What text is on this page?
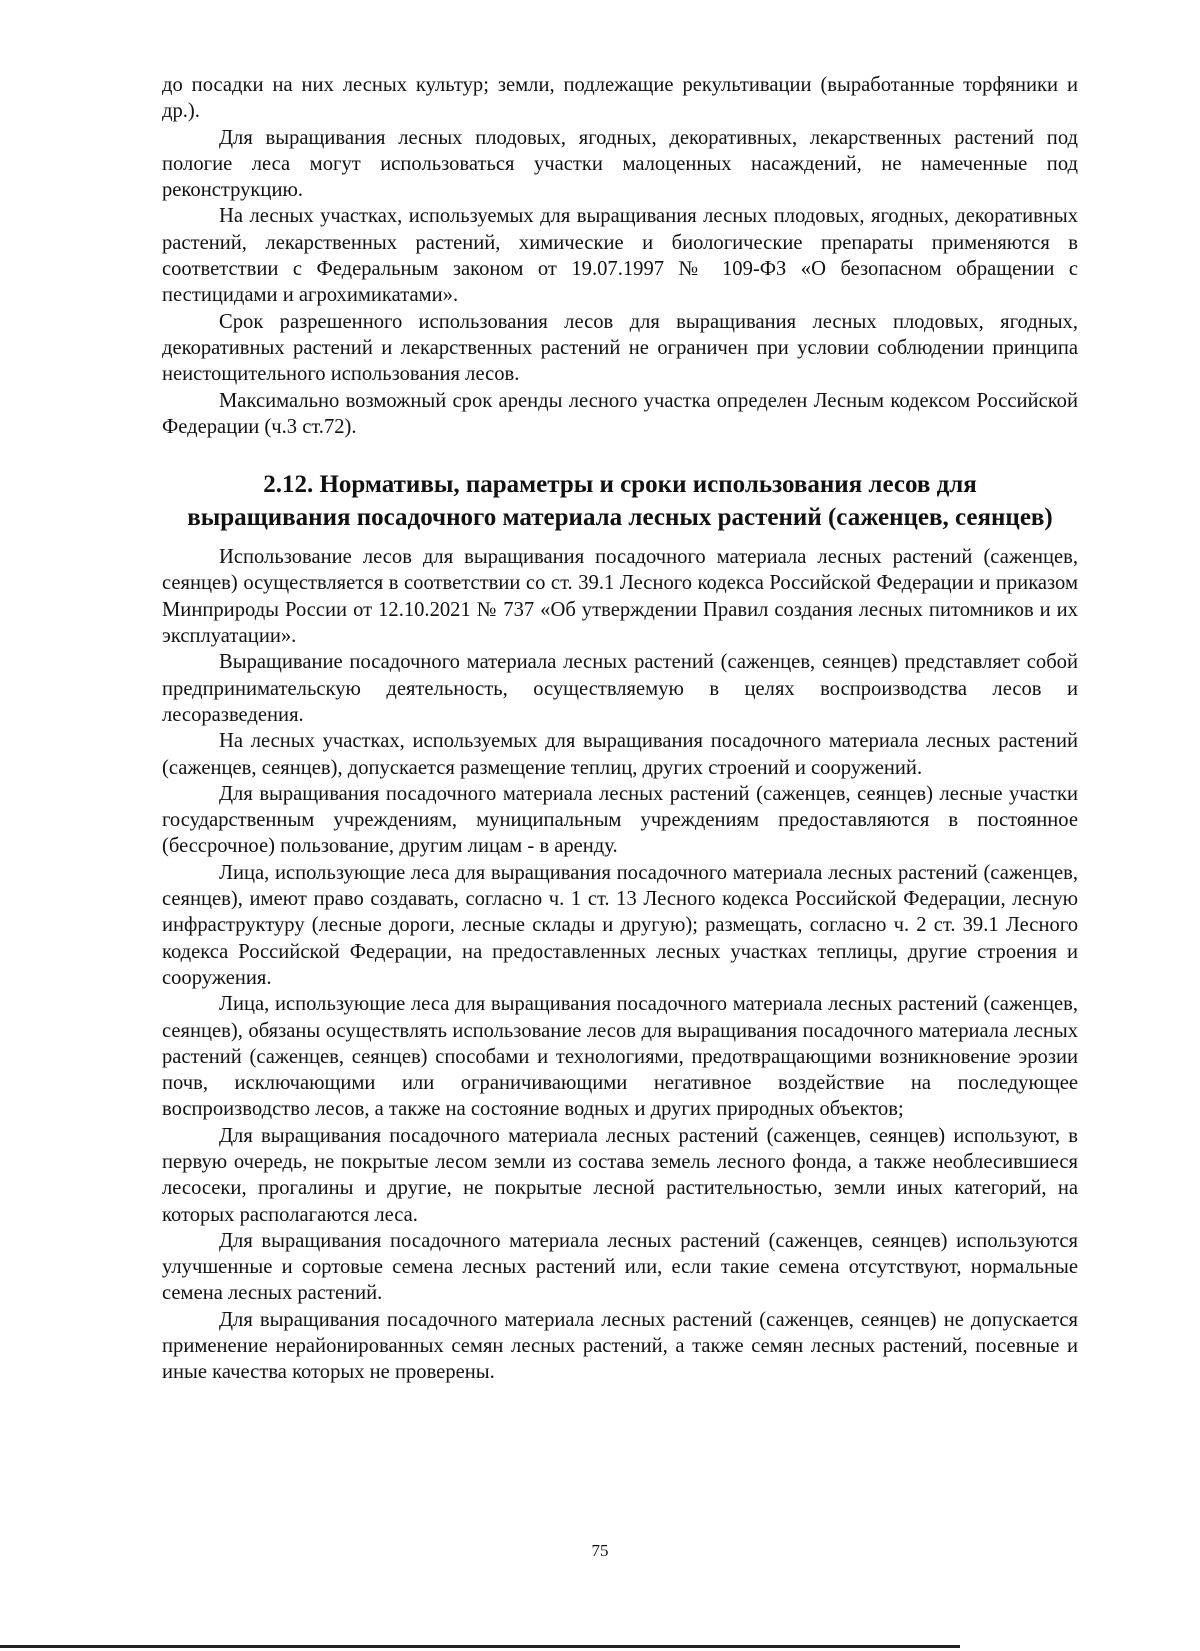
до посадки на них лесных культур; земли, подлежащие рекультивации (выработанные торфяники и др.).

Для выращивания лесных плодовых, ягодных, декоративных, лекарственных растений под пологие леса могут использоваться участки малоценных насаждений, не намеченные под реконструкцию.

На лесных участках, используемых для выращивания лесных плодовых, ягодных, декоративных растений, лекарственных растений, химические и биологические препараты применяются в соответствии с Федеральным законом от 19.07.1997 № 109-ФЗ «О безопасном обращении с пестицидами и агрохимикатами».

Срок разрешенного использования лесов для выращивания лесных плодовых, ягодных, декоративных растений и лекарственных растений не ограничен при условии соблюдении принципа неистощительного использования лесов.

Максимально возможный срок аренды лесного участка определен Лесным кодексом Российской Федерации (ч.3 ст.72).

2.12. Нормативы, параметры и сроки использования лесов для выращивания посадочного материала лесных растений (саженцев, сеянцев)

Использование лесов для выращивания посадочного материала лесных растений (саженцев, сеянцев) осуществляется в соответствии со ст. 39.1 Лесного кодекса Российской Федерации и приказом Минприроды России от 12.10.2021 № 737 «Об утверждении Правил создания лесных питомников и их эксплуатации».

Выращивание посадочного материала лесных растений (саженцев, сеянцев) представляет собой предпринимательскую деятельность, осуществляемую в целях воспроизводства лесов и лесоразведения.

На лесных участках, используемых для выращивания посадочного материала лесных растений (саженцев, сеянцев), допускается размещение теплиц, других строений и сооружений.

Для выращивания посадочного материала лесных растений (саженцев, сеянцев) лесные участки государственным учреждениям, муниципальным учреждениям предоставляются в постоянное (бессрочное) пользование, другим лицам - в аренду.

Лица, использующие леса для выращивания посадочного материала лесных растений (саженцев, сеянцев), имеют право создавать, согласно ч. 1 ст. 13 Лесного кодекса Российской Федерации, лесную инфраструктуру (лесные дороги, лесные склады и другую); размещать, согласно ч. 2 ст. 39.1 Лесного кодекса Российской Федерации, на предоставленных лесных участках теплицы, другие строения и сооружения.

Лица, использующие леса для выращивания посадочного материала лесных растений (саженцев, сеянцев), обязаны осуществлять использование лесов для выращивания посадочного материала лесных растений (саженцев, сеянцев) способами и технологиями, предотвращающими возникновение эрозии почв, исключающими или ограничивающими негативное воздействие на последующее воспроизводство лесов, а также на состояние водных и других природных объектов;

Для выращивания посадочного материала лесных растений (саженцев, сеянцев) используют, в первую очередь, не покрытые лесом земли из состава земель лесного фонда, а также необлесившиеся лесосеки, прогалины и другие, не покрытые лесной растительностью, земли иных категорий, на которых располагаются леса.

Для выращивания посадочного материала лесных растений (саженцев, сеянцев) используются улучшенные и сортовые семена лесных растений или, если такие семена отсутствуют, нормальные семена лесных растений.

Для выращивания посадочного материала лесных растений (саженцев, сеянцев) не допускается применение нерайонированных семян лесных растений, а также семян лесных растений, посевные и иные качества которых не проверены.

75
